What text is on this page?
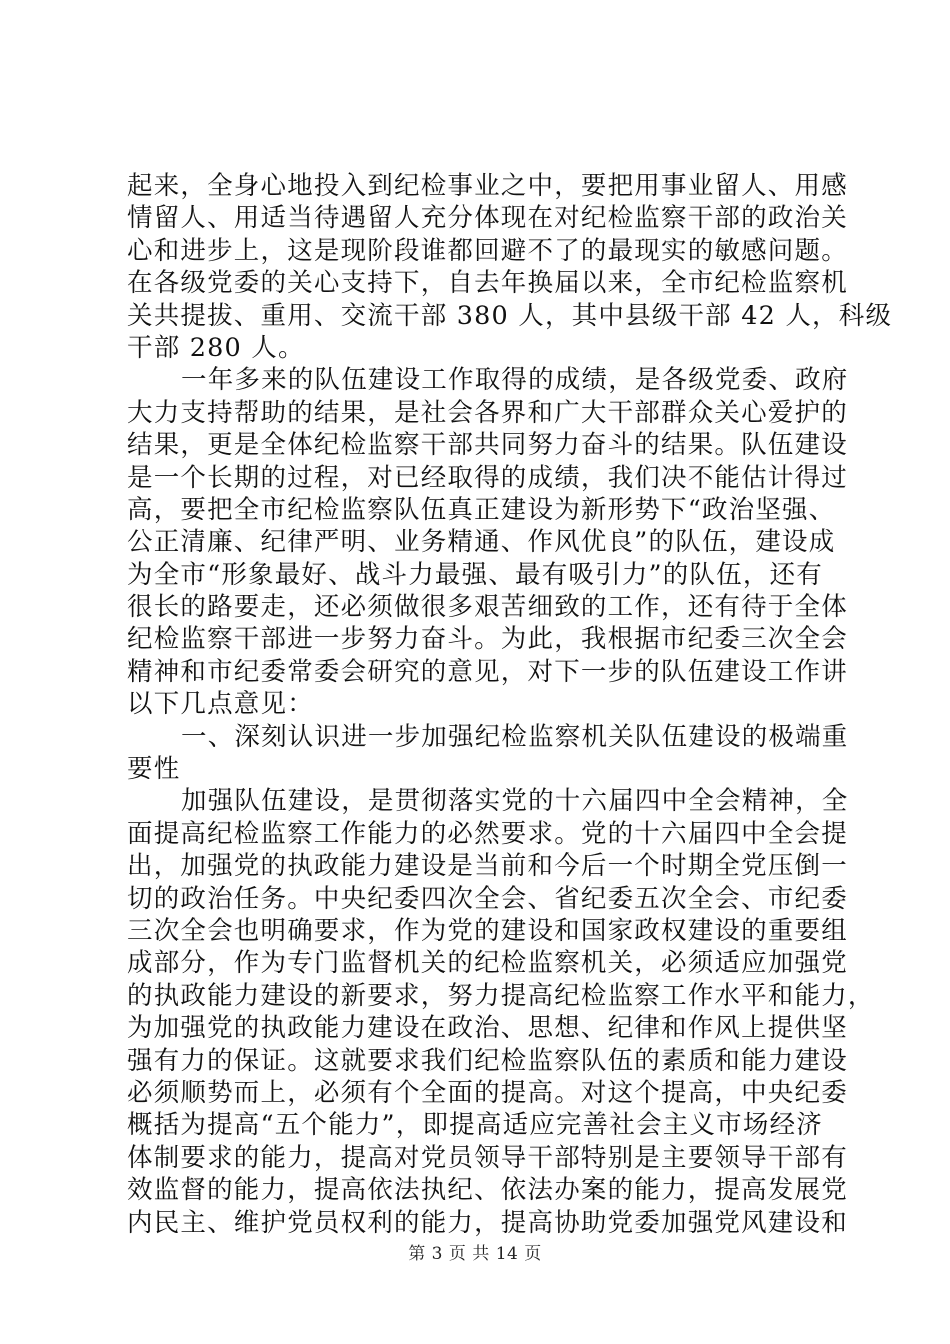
起来，全身心地投入到纪检事业之中，要把用事业留人、用感
情留人、用适当待遇留人充分体现在对纪检监察干部的政治关
心和进步上，这是现阶段谁都回避不了的最现实的敏感问题。
在各级党委的关心支持下，自去年换届以来，全市纪检监察机
关共提拔、重用、交流干部 380 人，其中县级干部 42 人，科级
干部 280 人。
一年多来的队伍建设工作取得的成绩，是各级党委、政府
大力支持帮助的结果，是社会各界和广大干部群众关心爱护的
结果，更是全体纪检监察干部共同努力奋斗的结果。队伍建设
是一个长期的过程，对已经取得的成绩，我们决不能估计得过
高，要把全市纪检监察队伍真正建设为新形势下“政治坚强、
公正清廉、纪律严明、业务精通、作风优良”的队伍，建设成
为全市“形象最好、战斗力最强、最有吸引力”的队伍，还有
很长的路要走，还必须做很多艰苦细致的工作，还有待于全体
纪检监察干部进一步努力奋斗。为此，我根据市纪委三次全会
精神和市纪委常委会研究的意见，对下一步的队伍建设工作讲
以下几点意见：
一、深刻认识进一步加强纪检监察机关队伍建设的极端重
要性
加强队伍建设，是贯彻落实党的十六届四中全会精神，全
面提高纪检监察工作能力的必然要求。党的十六届四中全会提
出，加强党的执政能力建设是当前和今后一个时期全党压倒一
切的政治任务。中央纪委四次全会、省纪委五次全会、市纪委
三次全会也明确要求，作为党的建设和国家政权建设的重要组
成部分，作为专门监督机关的纪检监察机关，必须适应加强党
的执政能力建设的新要求，努力提高纪检监察工作水平和能力，
为加强党的执政能力建设在政治、思想、纪律和作风上提供坚
强有力的保证。这就要求我们纪检监察队伍的素质和能力建设
必须顺势而上，必须有个全面的提高。对这个提高，中央纪委
概括为提高“五个能力”，即提高适应完善社会主义市场经济
体制要求的能力，提高对党员领导干部特别是主要领导干部有
效监督的能力，提高依法执纪、依法办案的能力，提高发展党
内民主、维护党员权利的能力，提高协助党委加强党风建设和
第 3 页 共 14 页
